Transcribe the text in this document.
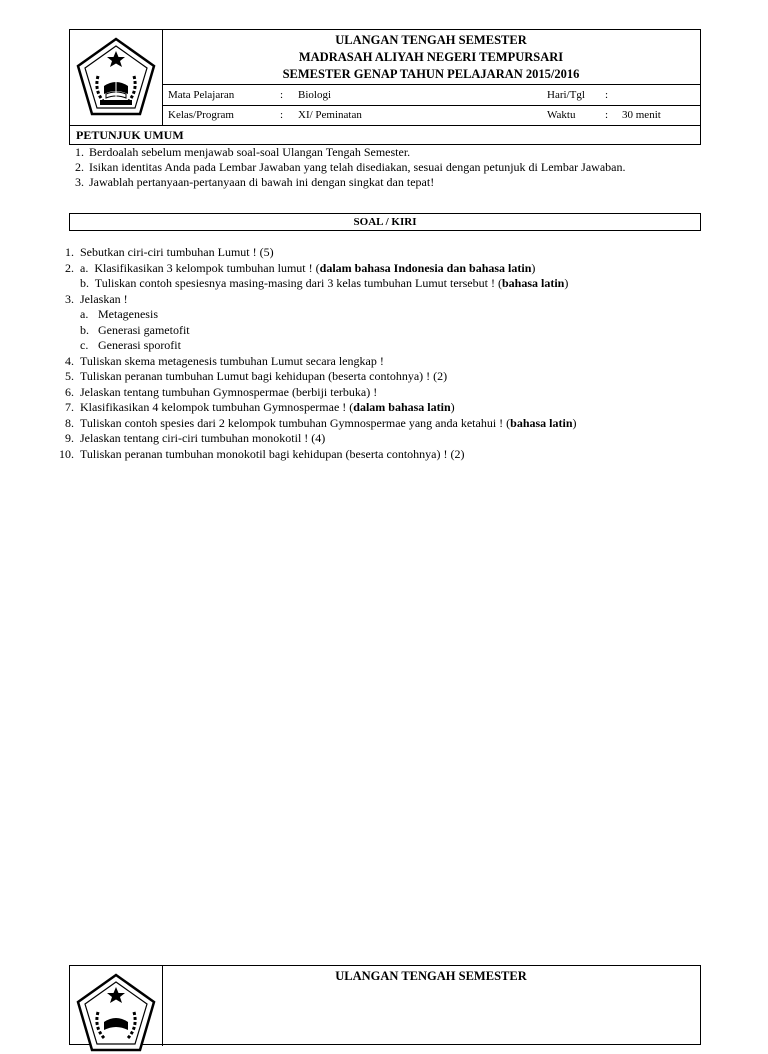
ULANGAN TENGAH SEMESTER
MADRASAH ALIYAH NEGERI TEMPURSARI
SEMESTER GENAP TAHUN PELAJARAN 2015/2016
Mata Pelajaran	: Biologi	Hari/Tgl :
Kelas/Program	: XI/ Peminatan	Waktu	: 30 menit
PETUNJUK UMUM
1. Berdoalah sebelum menjawab soal-soal Ulangan Tengah Semester.
2. Isikan identitas Anda pada Lembar Jawaban yang telah disediakan, sesuai dengan petunjuk di Lembar Jawaban.
3. Jawablah pertanyaan-pertanyaan di bawah ini dengan singkat dan tepat!
SOAL / KIRI
1. Sebutkan ciri-ciri tumbuhan Lumut ! (5)
2. a. Klasifikasikan 3 kelompok tumbuhan lumut ! (dalam bahasa Indonesia dan bahasa latin)
b. Tuliskan contoh spesiesnya masing-masing dari 3 kelas tumbuhan Lumut tersebut ! (bahasa latin)
3. Jelaskan !
a. Metagenesis
b. Generasi gametofit
c. Generasi sporofit
4. Tuliskan skema metagenesis tumbuhan Lumut secara lengkap !
5. Tuliskan peranan tumbuhan Lumut bagi kehidupan (beserta contohnya) ! (2)
6. Jelaskan tentang tumbuhan Gymnospermae (berbiji terbuka) !
7. Klasifikasikan 4 kelompok tumbuhan Gymnospermae ! (dalam bahasa latin)
8. Tuliskan contoh spesies dari 2 kelompok tumbuhan Gymnospermae yang anda ketahui ! (bahasa latin)
9. Jelaskan tentang ciri-ciri tumbuhan monokotil ! (4)
10. Tuliskan peranan tumbuhan monokotil bagi kehidupan (beserta contohnya) ! (2)
ULANGAN TENGAH SEMESTER
